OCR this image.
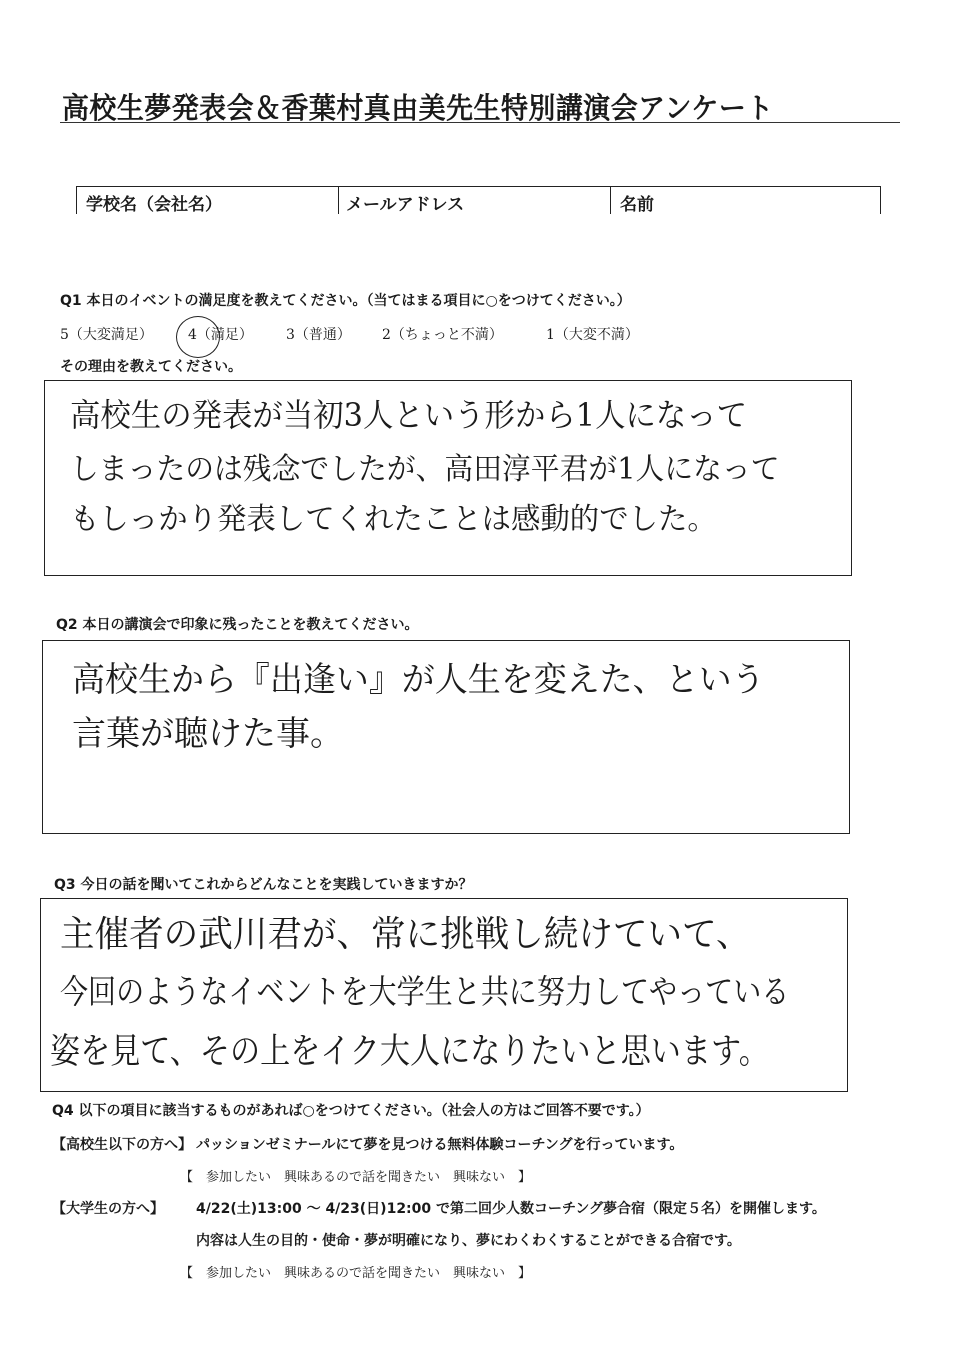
高校生夢発表会＆香葉村真由美先生特別講演会アンケート
学校名（会社名）	メールアドレス	名前
Q1 本日のイベントの満足度を教えてください。（当てはまる項目に○をつけてください。）
5（大変満足）	4（満足） 3（普通） 2（ちょっと不満）	1（大変不満）
その理由を教えてください。
高校生の発表が当初3人という形から1人になって
しまったのは残念でしたが、高田淳平君が1人になって
もしっかり発表してくれたことは感動的でした。
Q2 本日の講演会で印象に残ったことを教えてください。
高校生から『出逢い』が人生を変えた、という
言葉が聴けた事。
Q3 今日の話を聞いてこれからどんなことを実践していきますか？
主催者の武川君が、常に挑戦し続けていて、
今回のようなイベントを大学生と共に努力してやっている
姿を見て、その上をイク大人になりたいと思います。
Q4 以下の項目に該当するものがあれば○をつけてください。（社会人の方はご回答不要です。）
【高校生以下の方へ】 パッションゼミナールにて夢を見つける無料体験コーチングを行っています。
【　参加したい　興味あるので話を聞きたい　興味ない　】
【大学生の方へ】 4/22(土)13:00 ～ 4/23(日)12:00 で第二回少人数コーチング夢合宿（限定５名）を開催します。
内容は人生の目的・使命・夢が明確になり、夢にわくわくすることができる合宿です。
【　参加したい　興味あるので話を聞きたい　興味ない　】
